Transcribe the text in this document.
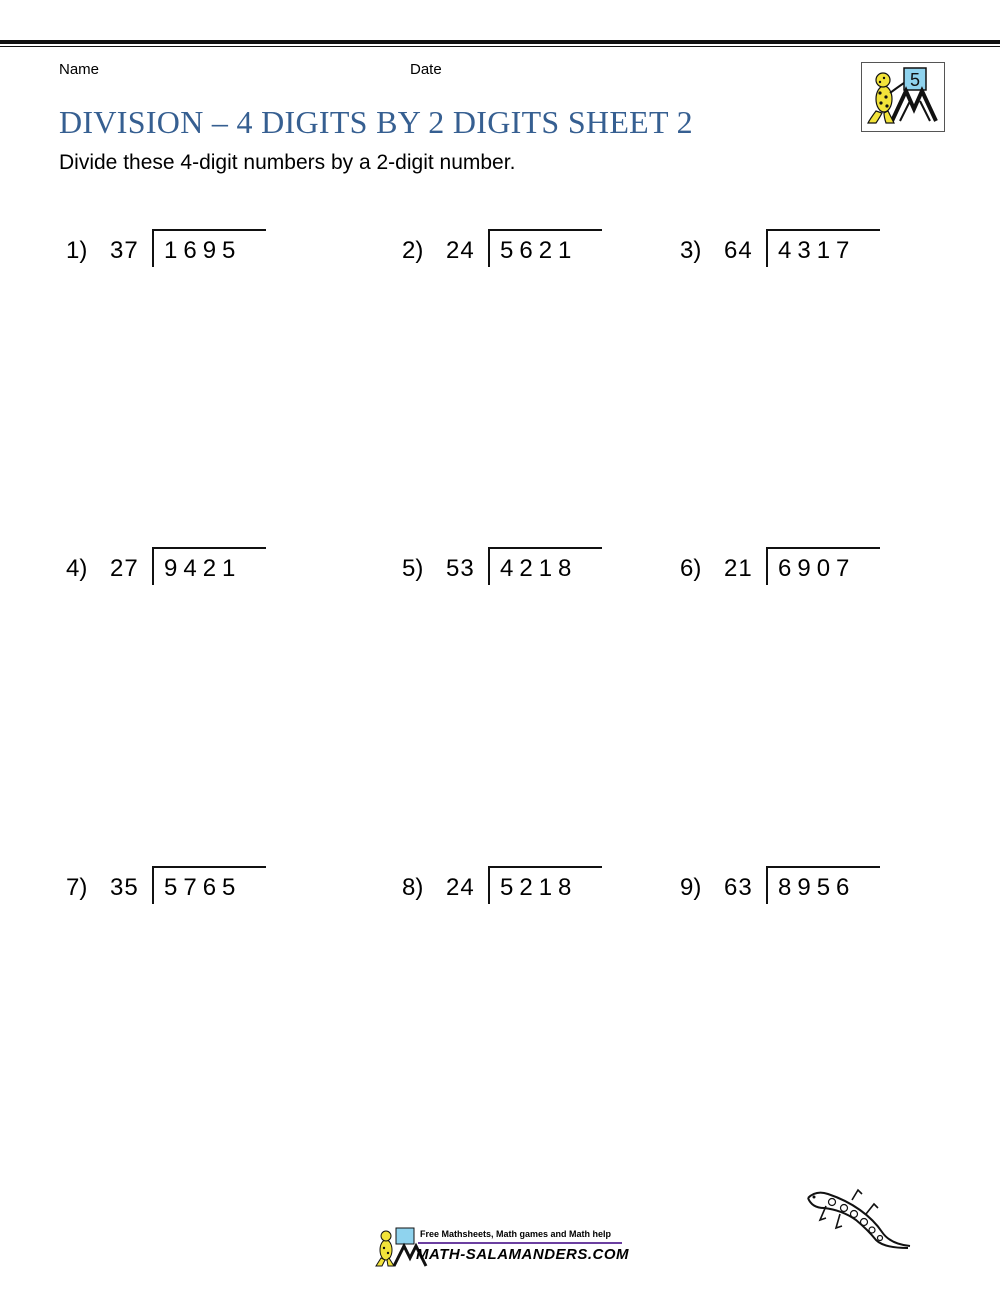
Name	Date
5
DIVISION – 4 DIGITS BY 2 DIGITS SHEET 2
Divide these 4-digit numbers by a 2-digit number.
1) 37 1695	2) 24 5621	3) 64 4317
4) 27 9421	5) 53 4218	6) 21 6907
7) 35 5765	8) 24 5218	9) 63 8956
Free Mathsheets, Math games and Math help
MATH-SALAMANDERS.COM
